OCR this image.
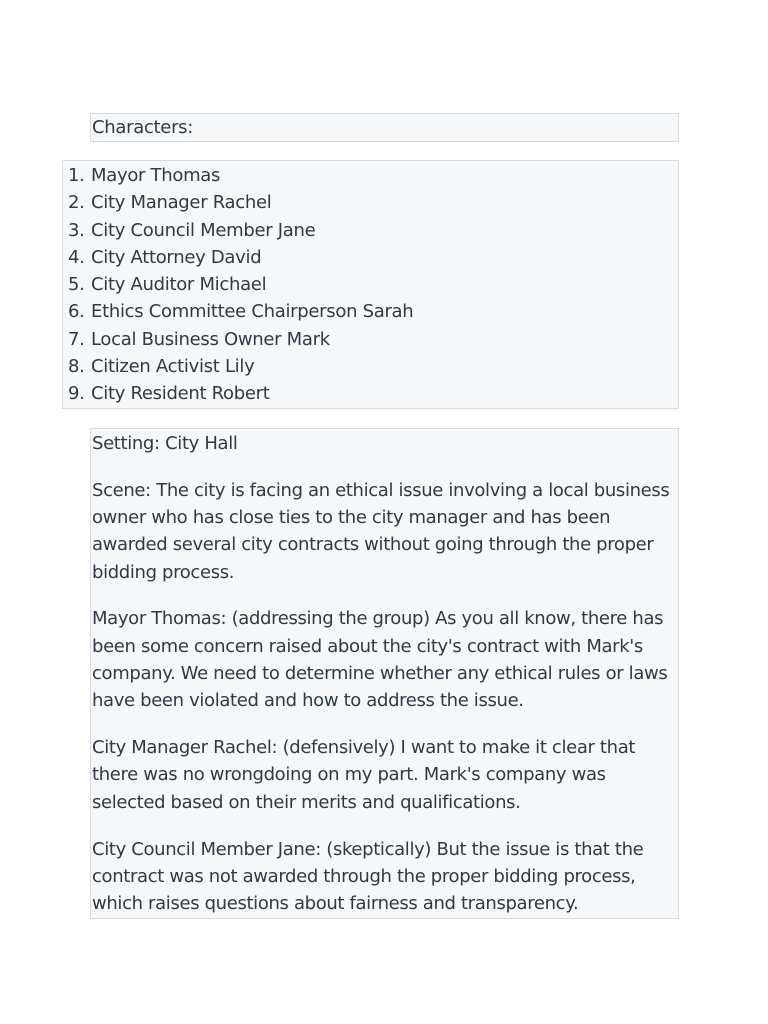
Characters:
1. Mayor Thomas
2. City Manager Rachel
3. City Council Member Jane
4. City Attorney David
5. City Auditor Michael
6. Ethics Committee Chairperson Sarah
7. Local Business Owner Mark
8. Citizen Activist Lily
9. City Resident Robert

Setting: City Hall

Scene: The city is facing an ethical issue involving a local business owner who has close ties to the city manager and has been awarded several city contracts without going through the proper bidding process.

Mayor Thomas: (addressing the group) As you all know, there has been some concern raised about the city's contract with Mark's company. We need to determine whether any ethical rules or laws have been violated and how to address the issue.

City Manager Rachel: (defensively) I want to make it clear that there was no wrongdoing on my part. Mark's company was selected based on their merits and qualifications.

City Council Member Jane: (skeptically) But the issue is that the contract was not awarded through the proper bidding process, which raises questions about fairness and transparency.
